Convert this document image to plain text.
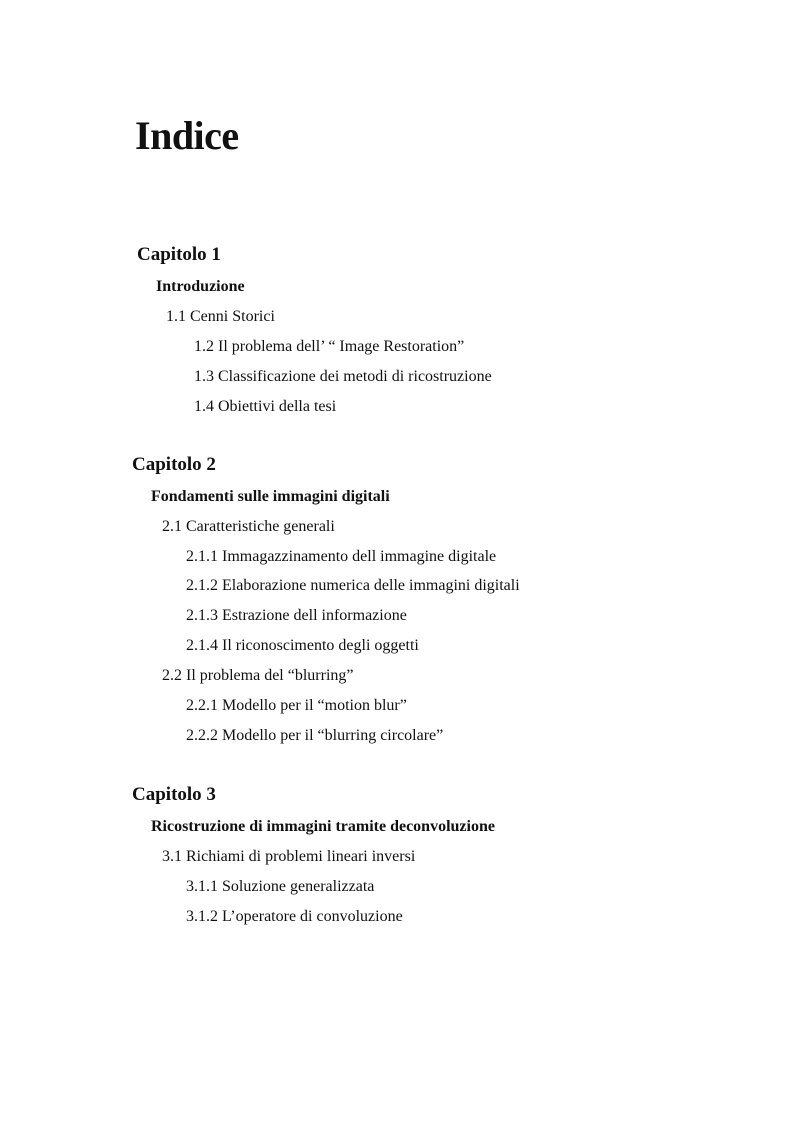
Indice
Capitolo 1
Introduzione
1.1 Cenni Storici
1.2 Il problema dell’ “ Image Restoration”
1.3 Classificazione dei metodi di ricostruzione
1.4 Obiettivi della tesi
Capitolo 2
Fondamenti sulle immagini digitali
2.1 Caratteristiche generali
2.1.1 Immagazzinamento dell immagine digitale
2.1.2 Elaborazione numerica delle immagini digitali
2.1.3 Estrazione dell informazione
2.1.4 Il riconoscimento degli oggetti
2.2 Il problema del “blurring”
2.2.1 Modello per il “motion blur”
2.2.2 Modello per il “blurring circolare”
Capitolo 3
Ricostruzione di immagini tramite deconvoluzione
3.1 Richiami di problemi lineari inversi
3.1.1 Soluzione generalizzata
3.1.2 L’operatore di convoluzione
